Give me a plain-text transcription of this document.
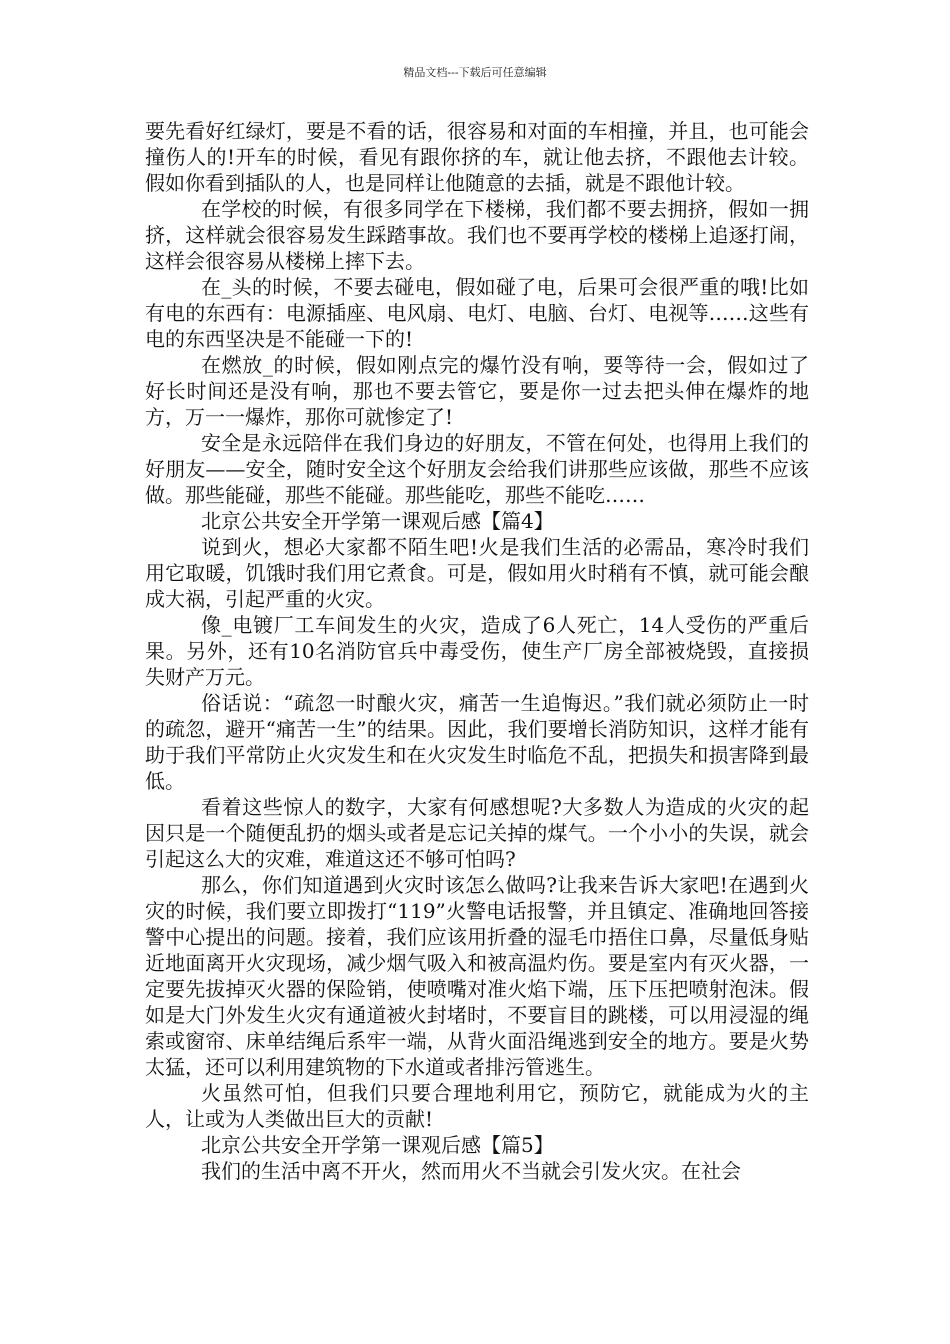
精品文档---下载后可任意编辑

要先看好红绿灯，要是不看的话，很容易和对面的车相撞，并且，也可能会撞伤人的!开车的时候，看见有跟你挤的车，就让他去挤，不跟他去计较。假如你看到插队的人，也是同样让他随意的去插，就是不跟他计较。

在学校的时候，有很多同学在下楼梯，我们都不要去拥挤，假如一拥挤，这样就会很容易发生踩踏事故。我们也不要再学校的楼梯上追逐打闹，这样会很容易从楼梯上摔下去。

在_头的时候，不要去碰电，假如碰了电，后果可会很严重的哦!比如有电的东西有：电源插座、电风扇、电灯、电脑、台灯、电视等……这些有电的东西坚决是不能碰一下的!

在燃放_的时候，假如刚点完的爆竹没有响，要等待一会，假如过了好长时间还是没有响，那也不要去管它，要是你一过去把头伸在爆炸的地方，万一一爆炸，那你可就惨定了!

安全是永远陪伴在我们身边的好朋友，不管在何处，也得用上我们的好朋友——安全，随时安全这个好朋友会给我们讲那些应该做，那些不应该做。那些能碰，那些不能碰。那些能吃，那些不能吃……

北京公共安全开学第一课观后感【篇4】

说到火，想必大家都不陌生吧!火是我们生活的必需品，寒冷时我们用它取暖，饥饿时我们用它煮食。可是，假如用火时稍有不慎，就可能会酿成大祸，引起严重的火灾。

像_电镀厂工车间发生的火灾，造成了6人死亡，14人受伤的严重后果。另外，还有10名消防官兵中毒受伤，使生产厂房全部被烧毁，直接损失财产万元。

俗话说：“疏忽一时酿火灾，痛苦一生追悔迟。”我们就必须防止一时的疏忽，避开“痛苦一生”的结果。因此，我们要增长消防知识，这样才能有助于我们平常防止火灾发生和在火灾发生时临危不乱，把损失和损害降到最低。

看着这些惊人的数字，大家有何感想呢?大多数人为造成的火灾的起因只是一个随便乱扔的烟头或者是忘记关掉的煤气。一个小小的失误，就会引起这么大的灾难，难道这还不够可怕吗?

那么，你们知道遇到火灾时该怎么做吗?让我来告诉大家吧!在遇到火灾的时候，我们要立即拨打“119”火警电话报警，并且镇定、准确地回答接警中心提出的问题。接着，我们应该用折叠的湿毛巾捂住口鼻，尽量低身贴近地面离开火灾现场，减少烟气吸入和被高温灼伤。要是室内有灭火器，一定要先拔掉灭火器的保险销，使喷嘴对准火焰下端，压下压把喷射泡沫。假如是大门外发生火灾有通道被火封堵时，不要盲目的跳楼，可以用浸湿的绳索或窗帘、床单结绳后系牢一端，从背火面沿绳逃到安全的地方。要是火势太猛，还可以利用建筑物的下水道或者排污管逃生。

火虽然可怕，但我们只要合理地利用它，预防它，就能成为火的主人，让或为人类做出巨大的贡献!

北京公共安全开学第一课观后感【篇5】

我们的生活中离不开火，然而用火不当就会引发火灾。在社会
